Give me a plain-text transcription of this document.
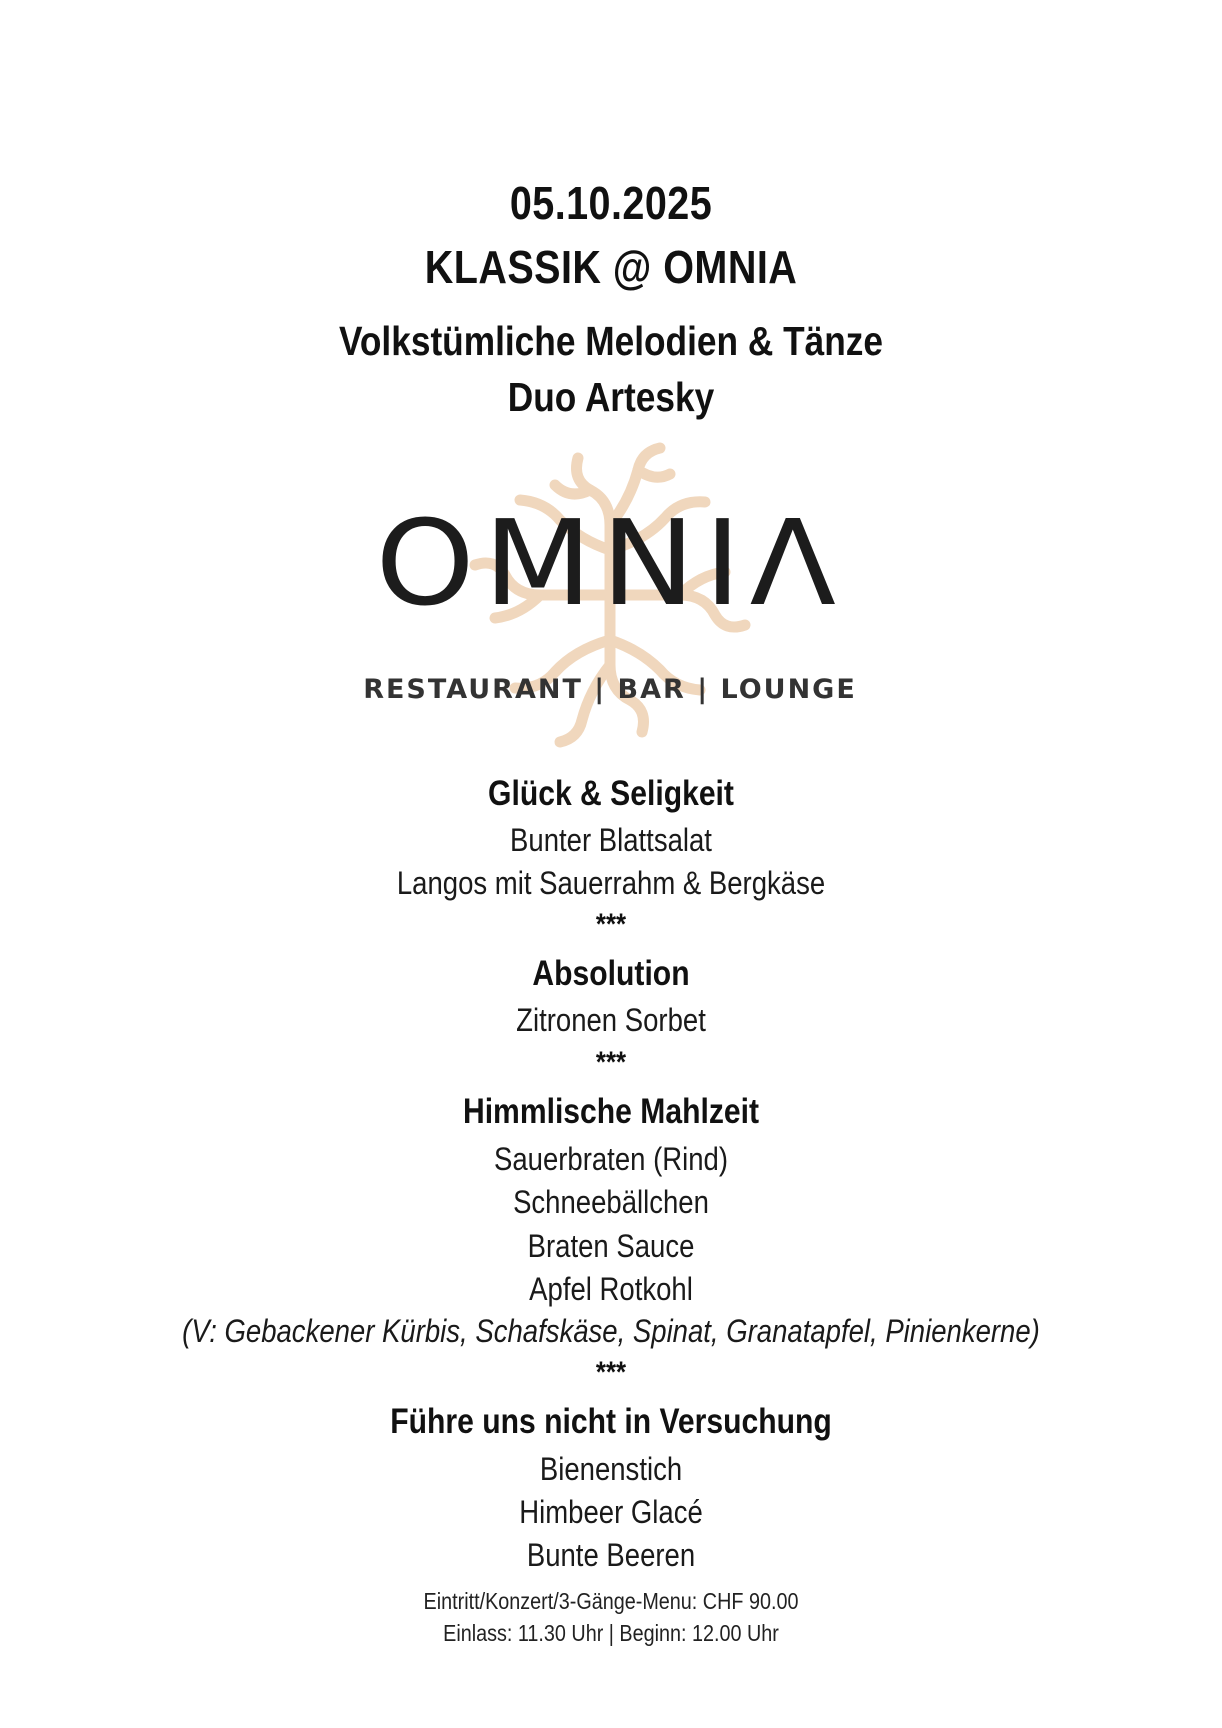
05.10.2025
KLASSIK @ OMNIA
Volkstümliche Melodien & Tänze
Duo Artesky
OMNIΛ
RESTAURANT | BAR | LOUNGE
Glück & Seligkeit
Bunter Blattsalat
Langos mit Sauerrahm & Bergkäse
***
Absolution
Zitronen Sorbet
***
Himmlische Mahlzeit
Sauerbraten (Rind)
Schneebällchen
Braten Sauce
Apfel Rotkohl
(V: Gebackener Kürbis, Schafskäse, Spinat, Granatapfel, Pinienkerne)
***
Führe uns nicht in Versuchung
Bienenstich
Himbeer Glacé
Bunte Beeren
Eintritt/Konzert/3-Gänge-Menu: CHF 90.00
Einlass: 11.30 Uhr | Beginn: 12.00 Uhr
